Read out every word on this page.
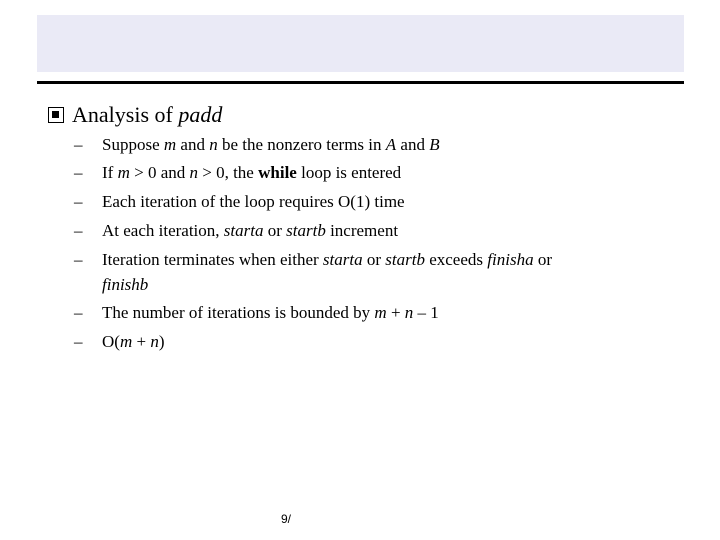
Analysis of padd
–	Suppose m and n be the nonzero terms in A and B
–	If m > 0 and n > 0, the while loop is entered
–	Each iteration of the loop requires O(1) time
–	At each iteration, starta or startb increment
–	Iteration terminates when either starta or startb exceeds finisha or
finishb
–	The number of iterations is bounded by m + n – 1
–	O(m + n)
9/
